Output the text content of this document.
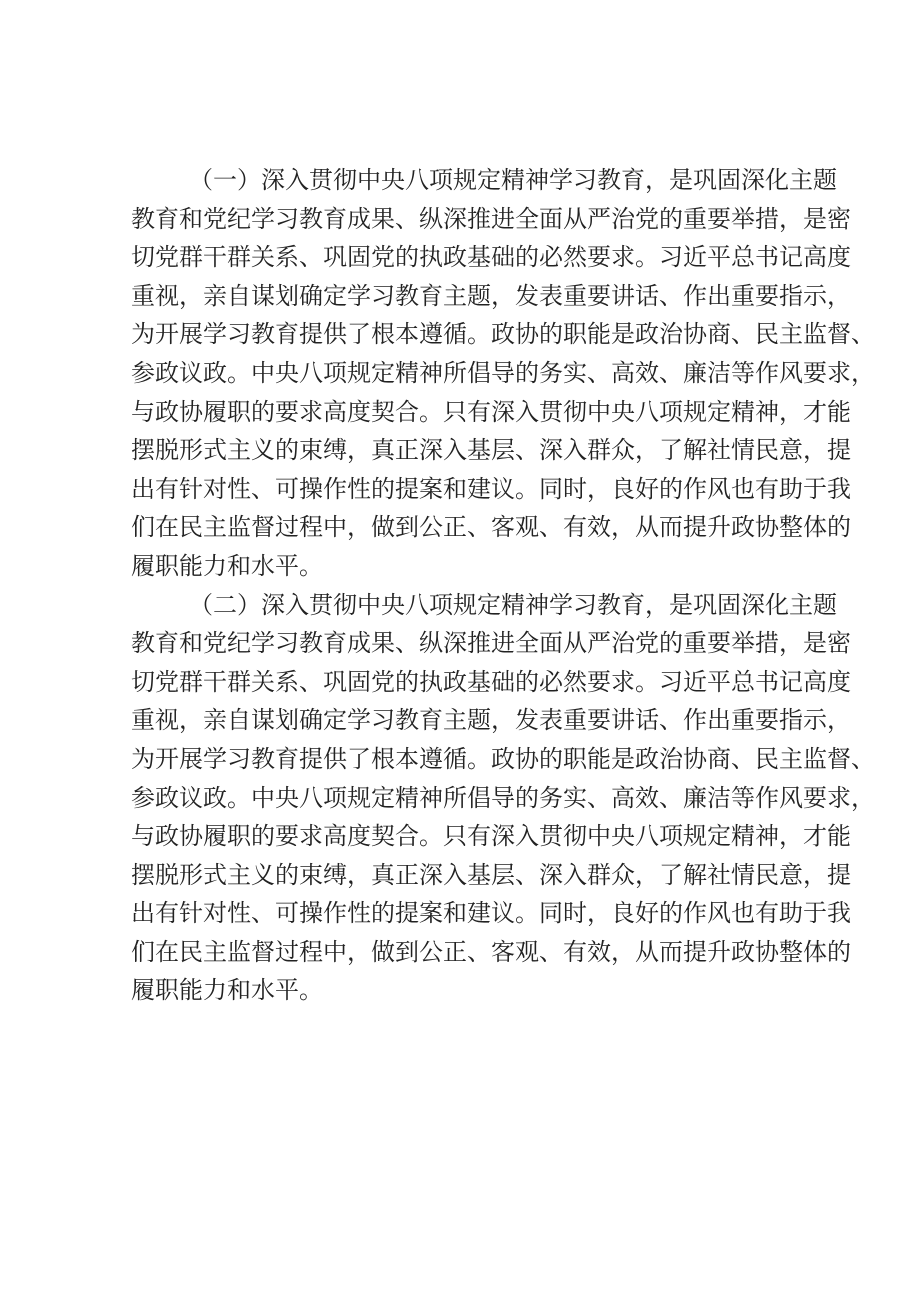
（一）深入贯彻中央八项规定精神学习教育，是巩固深化主题
教育和党纪学习教育成果、纵深推进全面从严治党的重要举措，是密
切党群干群关系、巩固党的执政基础的必然要求。习近平总书记高度
重视，亲自谋划确定学习教育主题，发表重要讲话、作出重要指示，
为开展学习教育提供了根本遵循。政协的职能是政治协商、民主监督、
参政议政。中央八项规定精神所倡导的务实、高效、廉洁等作风要求，
与政协履职的要求高度契合。只有深入贯彻中央八项规定精神，才能
摆脱形式主义的束缚，真正深入基层、深入群众，了解社情民意，提
出有针对性、可操作性的提案和建议。同时，良好的作风也有助于我
们在民主监督过程中，做到公正、客观、有效，从而提升政协整体的
履职能力和水平。
（二）深入贯彻中央八项规定精神学习教育，是巩固深化主题
教育和党纪学习教育成果、纵深推进全面从严治党的重要举措，是密
切党群干群关系、巩固党的执政基础的必然要求。习近平总书记高度
重视，亲自谋划确定学习教育主题，发表重要讲话、作出重要指示，
为开展学习教育提供了根本遵循。政协的职能是政治协商、民主监督、
参政议政。中央八项规定精神所倡导的务实、高效、廉洁等作风要求，
与政协履职的要求高度契合。只有深入贯彻中央八项规定精神，才能
摆脱形式主义的束缚，真正深入基层、深入群众，了解社情民意，提
出有针对性、可操作性的提案和建议。同时，良好的作风也有助于我
们在民主监督过程中，做到公正、客观、有效，从而提升政协整体的
履职能力和水平。
